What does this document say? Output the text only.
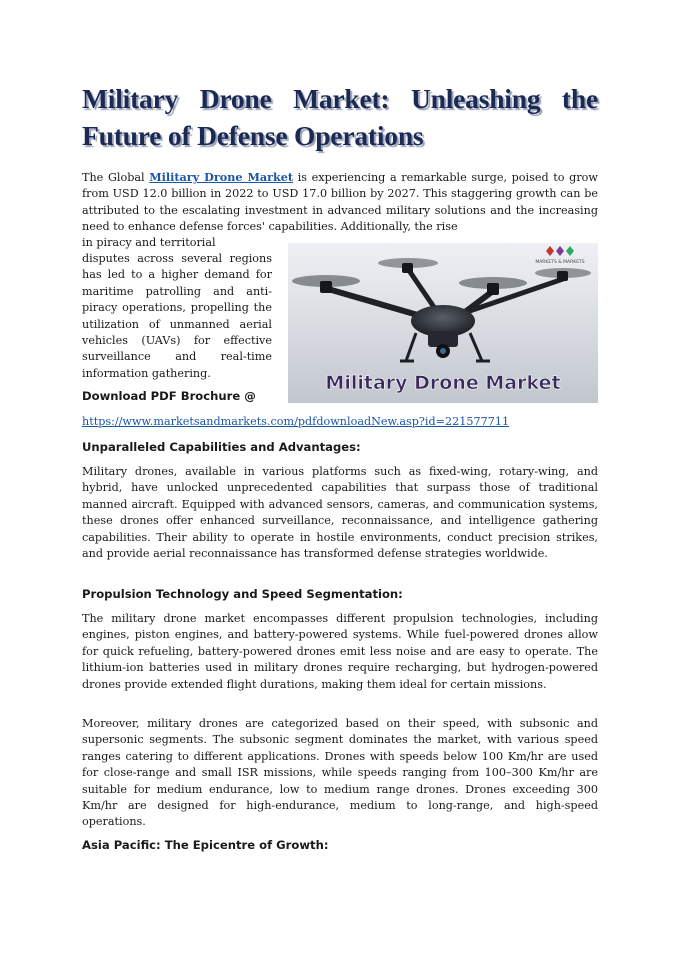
Military Drone Market: Unleashing the Future of Defense Operations

The Global Military Drone Market is experiencing a remarkable surge, poised to grow from USD 12.0 billion in 2022 to USD 17.0 billion by 2027. This staggering growth can be attributed to the escalating investment in advanced military solutions and the increasing need to enhance defense forces' capabilities. Additionally, the rise

in piracy and territorial

disputes across several regions has led to a higher demand for maritime patrolling and anti-piracy operations, propelling the utilization of unmanned aerial vehicles (UAVs) for effective surveillance and real-time information gathering.

MARKETS & MARKETS
Military Drone Market

Download PDF Brochure @

https://www.marketsandmarkets.com/pdfdownloadNew.asp?id=221577711

Unparalleled Capabilities and Advantages:

Military drones, available in various platforms such as fixed-wing, rotary-wing, and hybrid, have unlocked unprecedented capabilities that surpass those of traditional manned aircraft. Equipped with advanced sensors, cameras, and communication systems, these drones offer enhanced surveillance, reconnaissance, and intelligence gathering capabilities. Their ability to operate in hostile environments, conduct precision strikes, and provide aerial reconnaissance has transformed defense strategies worldwide.

Propulsion Technology and Speed Segmentation:

The military drone market encompasses different propulsion technologies, including engines, piston engines, and battery-powered systems. While fuel-powered drones allow for quick refueling, battery-powered drones emit less noise and are easy to operate. The lithium-ion batteries used in military drones require recharging, but hydrogen-powered drones provide extended flight durations, making them ideal for certain missions.

Moreover, military drones are categorized based on their speed, with subsonic and supersonic segments. The subsonic segment dominates the market, with various speed ranges catering to different applications. Drones with speeds below 100 Km/hr are used for close-range and small ISR missions, while speeds ranging from 100–300 Km/hr are suitable for medium endurance, low to medium range drones. Drones exceeding 300 Km/hr are designed for high-endurance, medium to long-range, and high-speed operations.

Asia Pacific: The Epicentre of Growth:
